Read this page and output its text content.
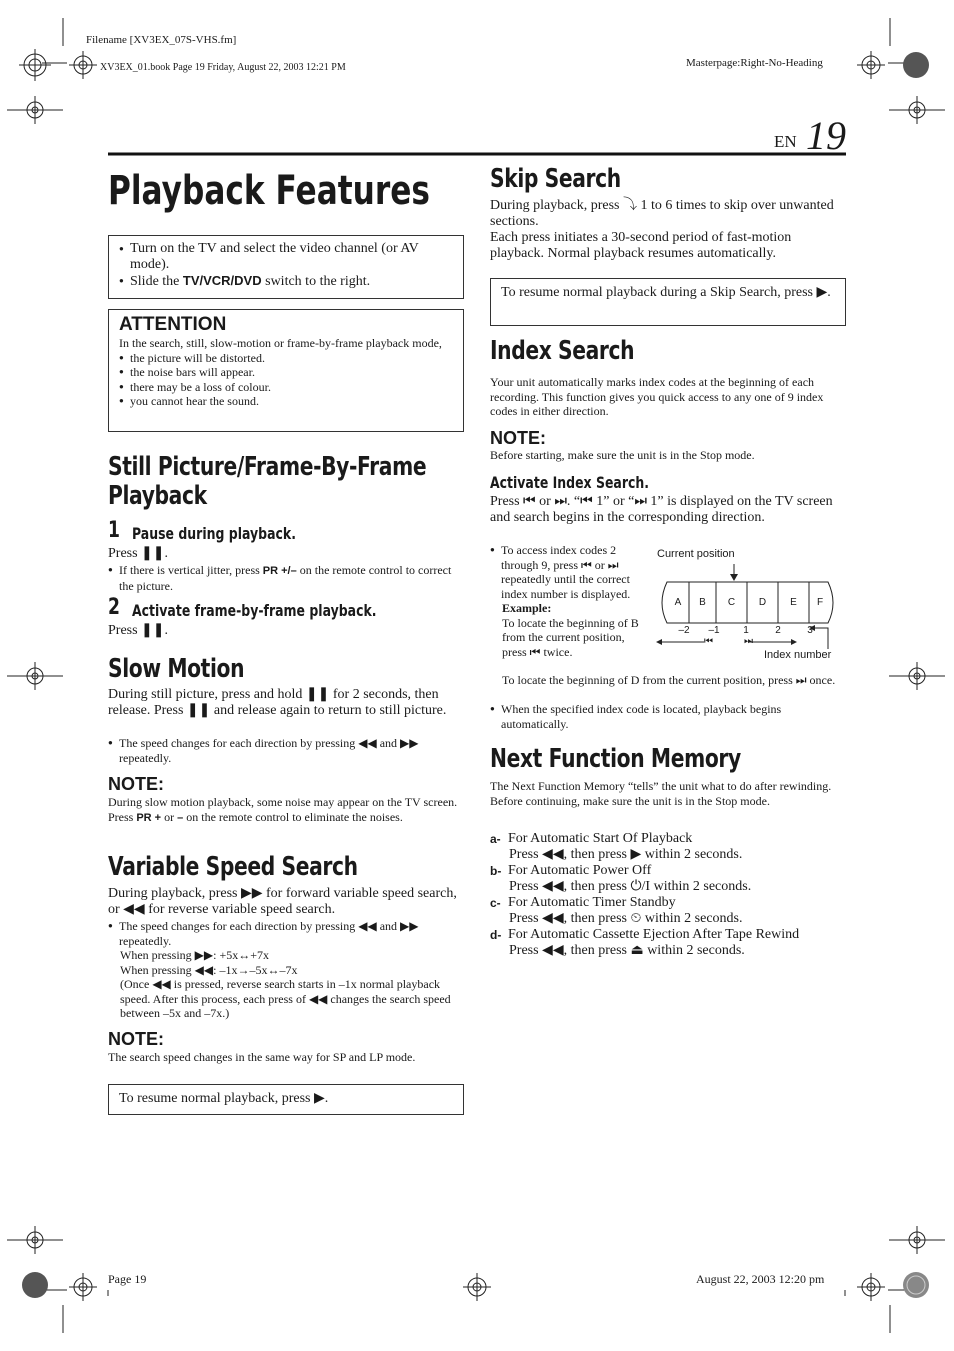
Filename [XV3EX_07S-VHS.fm]
XV3EX_01.book Page 19 Friday, August 22, 2003 12:21 PM	Masterpage:Right-No-Heading
Page 19	August 22, 2003 12:20 pm
EN 19
Playback Features
● Turn on the TV and select the video channel (or AV mode).
● Slide the TV/VCR/DVD switch to the right.
ATTENTION
In the search, still, slow-motion or frame-by-frame playback mode,
● the picture will be distorted.
● the noise bars will appear.
● there may be a loss of colour.
● you cannot hear the sound.
Still Picture/Frame-By-Frame Playback
1 Pause during playback.
Press ❚❚.
● If there is vertical jitter, press PR +/– on the remote control to correct the picture.
2 Activate frame-by-frame playback.
Press ❚❚.
Slow Motion
During still picture, press and hold ❚❚ for 2 seconds, then release. Press ❚❚ and release again to return to still picture.
● The speed changes for each direction by pressing ◀◀ and ▶▶ repeatedly.
NOTE:
During slow motion playback, some noise may appear on the TV screen. Press PR + or – on the remote control to eliminate the noises.
Variable Speed Search
During playback, press ▶▶ for forward variable speed search, or ◀◀ for reverse variable speed search.
● The speed changes for each direction by pressing ◀◀ and ▶▶ repeatedly.
When pressing ▶▶: +5x↔+7x
When pressing ◀◀: –1x→–5x↔–7x
(Once ◀◀ is pressed, reverse search starts in –1x normal playback speed. After this process, each press of ◀◀ changes the search speed between –5x and –7x.)
NOTE:
The search speed changes in the same way for SP and LP mode.
To resume normal playback, press ▶.
Skip Search
During playback, press ⤵ 1 to 6 times to skip over unwanted sections.
Each press initiates a 30-second period of fast-motion playback. Normal playback resumes automatically.
To resume normal playback during a Skip Search, press ▶.
Index Search
Your unit automatically marks index codes at the beginning of each recording. This function gives you quick access to any one of 9 index codes in either direction.
NOTE:
Before starting, make sure the unit is in the Stop mode.
Activate Index Search.
Press ⏮ or ⏭. “⏮ 1” or “⏭ 1” is displayed on the TV screen and search begins in the corresponding direction.
● To access index codes 2 through 9, press ⏮ or ⏭ repeatedly until the correct index number is displayed.
Example:
To locate the beginning of B from the current position, press ⏮ twice.
To locate the beginning of D from the current position, press ⏭ once.
● When the specified index code is located, playback begins automatically.
Current position
A	B	C	D	E	F
–2	–1	1	2	3
⏮	⏭
Index number
Next Function Memory
The Next Function Memory “tells” the unit what to do after rewinding. Before continuing, make sure the unit is in the Stop mode.
a- For Automatic Start Of Playback
Press ◀◀, then press ▶ within 2 seconds.
b- For Automatic Power Off
Press ◀◀, then press ⏻/I within 2 seconds.
c- For Automatic Timer Standby
Press ◀◀, then press ⏲ within 2 seconds.
d- For Automatic Cassette Ejection After Tape Rewind
Press ◀◀, then press ⏏ within 2 seconds.
